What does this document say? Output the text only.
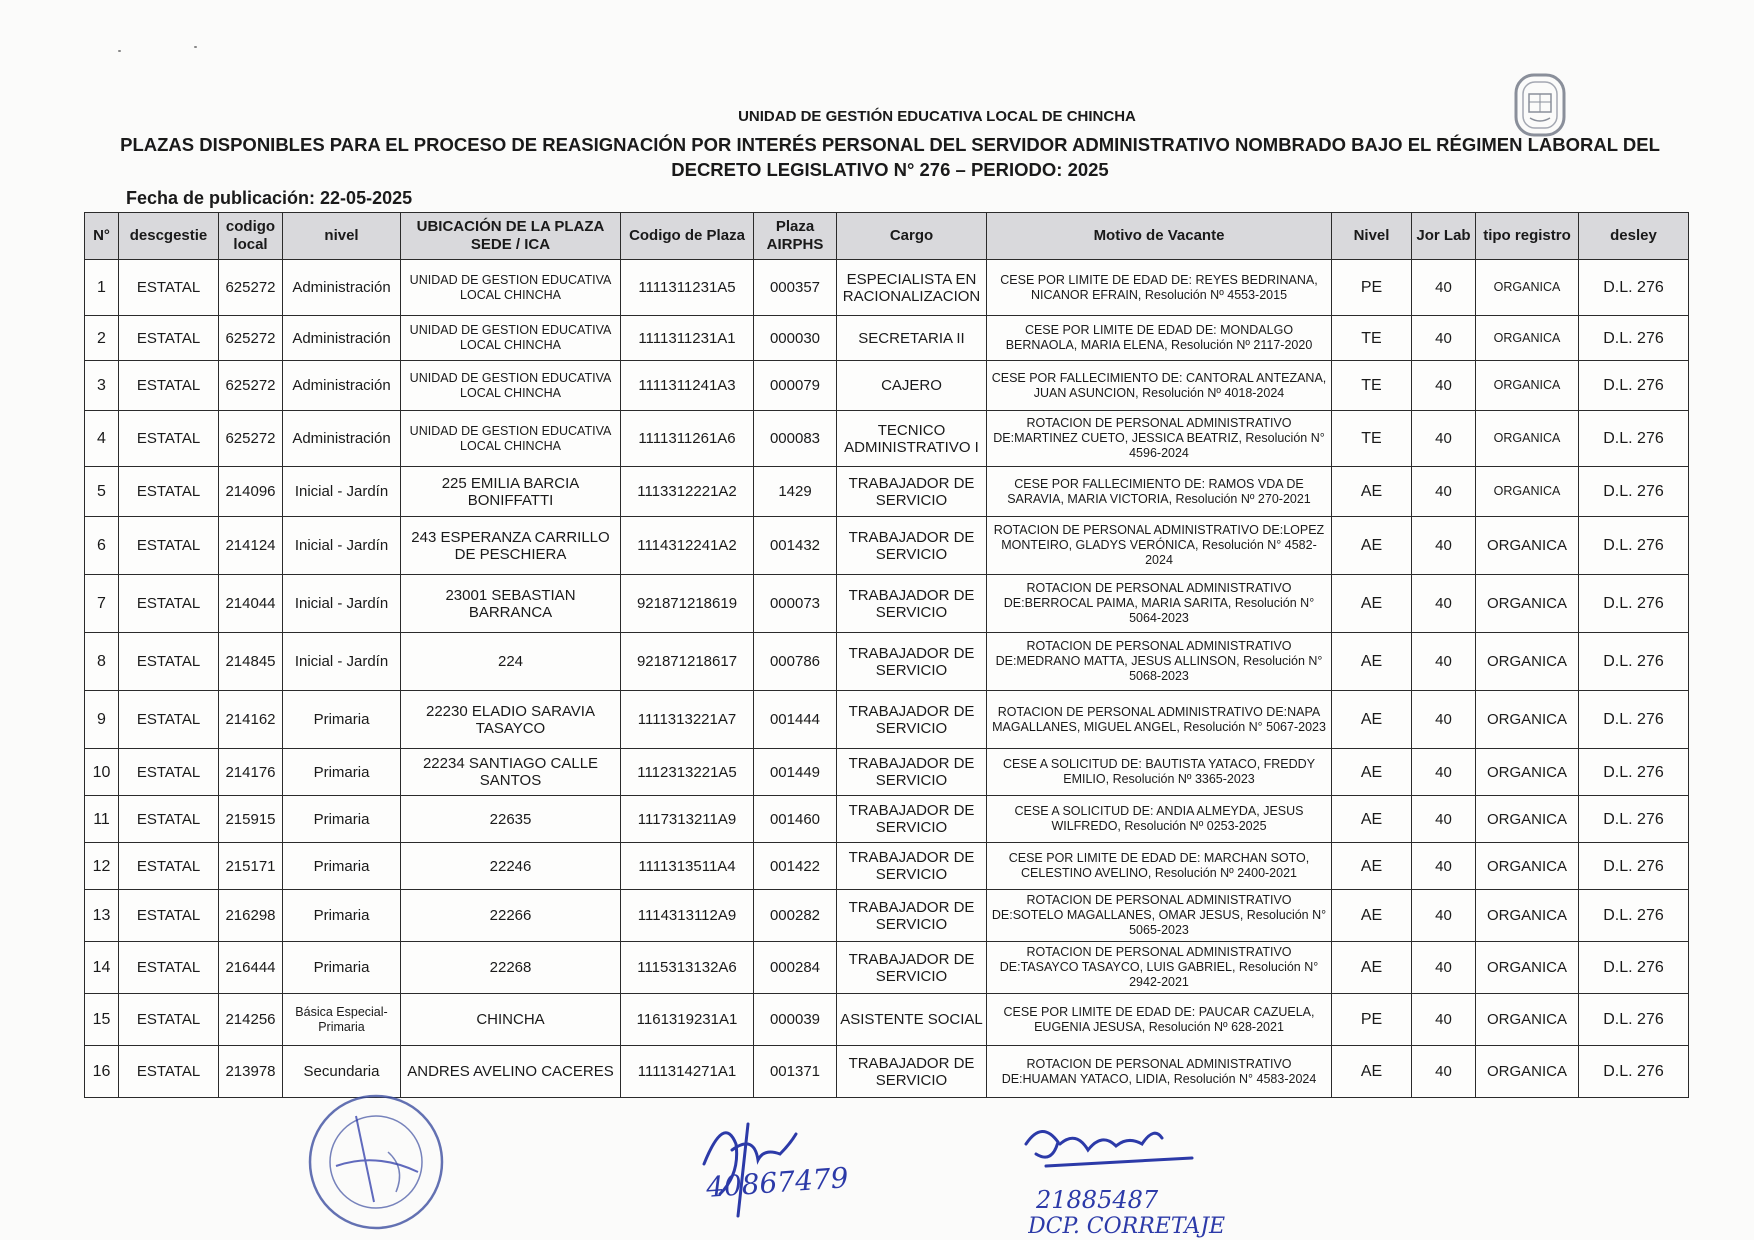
UNIDAD DE GESTIÓN EDUCATIVA LOCAL DE CHINCHA
PLAZAS DISPONIBLES PARA EL PROCESO DE REASIGNACIÓN POR INTERÉS PERSONAL DEL SERVIDOR ADMINISTRATIVO NOMBRADO BAJO EL RÉGIMEN LABORAL DEL
DECRETO LEGISLATIVO N° 276 – PERIODO: 2025
Fecha de publicación: 22-05-2025
N°	descgestie	codigo local	nivel	UBICACIÓN DE LA PLAZA SEDE / ICA	Codigo de Plaza	Plaza AIRPHS	Cargo	Motivo de Vacante	Nivel	Jor Lab	tipo registro	desley
1	ESTATAL	625272	Administración	UNIDAD DE GESTION EDUCATIVA LOCAL CHINCHA	1111311231A5	000357	ESPECIALISTA EN RACIONALIZACION	CESE POR LIMITE DE EDAD DE: REYES BEDRINANA, NICANOR EFRAIN, Resolución Nº 4553-2015	PE	40	ORGANICA	D.L. 276
2	ESTATAL	625272	Administración	UNIDAD DE GESTION EDUCATIVA LOCAL CHINCHA	1111311231A1	000030	SECRETARIA II	CESE POR LIMITE DE EDAD DE: MONDALGO BERNAOLA, MARIA ELENA, Resolución Nº 2117-2020	TE	40	ORGANICA	D.L. 276
3	ESTATAL	625272	Administración	UNIDAD DE GESTION EDUCATIVA LOCAL CHINCHA	1111311241A3	000079	CAJERO	CESE POR FALLECIMIENTO DE: CANTORAL ANTEZANA, JUAN ASUNCION, Resolución Nº 4018-2024	TE	40	ORGANICA	D.L. 276
4	ESTATAL	625272	Administración	UNIDAD DE GESTION EDUCATIVA LOCAL CHINCHA	1111311261A6	000083	TECNICO ADMINISTRATIVO I	ROTACION DE PERSONAL ADMINISTRATIVO DE:MARTINEZ CUETO, JESSICA BEATRIZ, Resolución N° 4596-2024	TE	40	ORGANICA	D.L. 276
5	ESTATAL	214096	Inicial - Jardín	225 EMILIA BARCIA BONIFFATTI	1113312221A2	1429	TRABAJADOR DE SERVICIO	CESE POR FALLECIMIENTO DE: RAMOS VDA DE SARAVIA, MARIA VICTORIA, Resolución Nº 270-2021	AE	40	ORGANICA	D.L. 276
6	ESTATAL	214124	Inicial - Jardín	243 ESPERANZA CARRILLO DE PESCHIERA	1114312241A2	001432	TRABAJADOR DE SERVICIO	ROTACION DE PERSONAL ADMINISTRATIVO DE:LOPEZ MONTEIRO, GLADYS VERÓNICA, Resolución N° 4582-2024	AE	40	ORGANICA	D.L. 276
7	ESTATAL	214044	Inicial - Jardín	23001 SEBASTIAN BARRANCA	921871218619	000073	TRABAJADOR DE SERVICIO	ROTACION DE PERSONAL ADMINISTRATIVO DE:BERROCAL PAIMA, MARIA SARITA, Resolución N° 5064-2023	AE	40	ORGANICA	D.L. 276
8	ESTATAL	214845	Inicial - Jardín	224	921871218617	000786	TRABAJADOR DE SERVICIO	ROTACION DE PERSONAL ADMINISTRATIVO DE:MEDRANO MATTA, JESUS ALLINSON, Resolución N° 5068-2023	AE	40	ORGANICA	D.L. 276
9	ESTATAL	214162	Primaria	22230 ELADIO SARAVIA TASAYCO	1111313221A7	001444	TRABAJADOR DE SERVICIO	ROTACION DE PERSONAL ADMINISTRATIVO DE:NAPA MAGALLANES, MIGUEL ANGEL, Resolución N° 5067-2023	AE	40	ORGANICA	D.L. 276
10	ESTATAL	214176	Primaria	22234 SANTIAGO CALLE SANTOS	1112313221A5	001449	TRABAJADOR DE SERVICIO	CESE A SOLICITUD DE: BAUTISTA YATACO, FREDDY EMILIO, Resolución Nº 3365-2023	AE	40	ORGANICA	D.L. 276
11	ESTATAL	215915	Primaria	22635	1117313211A9	001460	TRABAJADOR DE SERVICIO	CESE A SOLICITUD DE: ANDIA ALMEYDA, JESUS WILFREDO, Resolución Nº 0253-2025	AE	40	ORGANICA	D.L. 276
12	ESTATAL	215171	Primaria	22246	1111313511A4	001422	TRABAJADOR DE SERVICIO	CESE POR LIMITE DE EDAD DE: MARCHAN SOTO, CELESTINO AVELINO, Resolución Nº 2400-2021	AE	40	ORGANICA	D.L. 276
13	ESTATAL	216298	Primaria	22266	1114313112A9	000282	TRABAJADOR DE SERVICIO	ROTACION DE PERSONAL ADMINISTRATIVO DE:SOTELO MAGALLANES, OMAR JESUS, Resolución N° 5065-2023	AE	40	ORGANICA	D.L. 276
14	ESTATAL	216444	Primaria	22268	1115313132A6	000284	TRABAJADOR DE SERVICIO	ROTACION DE PERSONAL ADMINISTRATIVO DE:TASAYCO TASAYCO, LUIS GABRIEL, Resolución N° 2942-2021	AE	40	ORGANICA	D.L. 276
15	ESTATAL	214256	Básica Especial-Primaria	CHINCHA	1161319231A1	000039	ASISTENTE SOCIAL	CESE POR LIMITE DE EDAD DE: PAUCAR CAZUELA, EUGENIA JESUSA, Resolución Nº 628-2021	PE	40	ORGANICA	D.L. 276
16	ESTATAL	213978	Secundaria	ANDRES AVELINO CACERES	1111314271A1	001371	TRABAJADOR DE SERVICIO	ROTACION DE PERSONAL ADMINISTRATIVO DE:HUAMAN YATACO, LIDIA, Resolución N° 4583-2024	AE	40	ORGANICA	D.L. 276
40867479	21885487
DCP. CORRETAJE
